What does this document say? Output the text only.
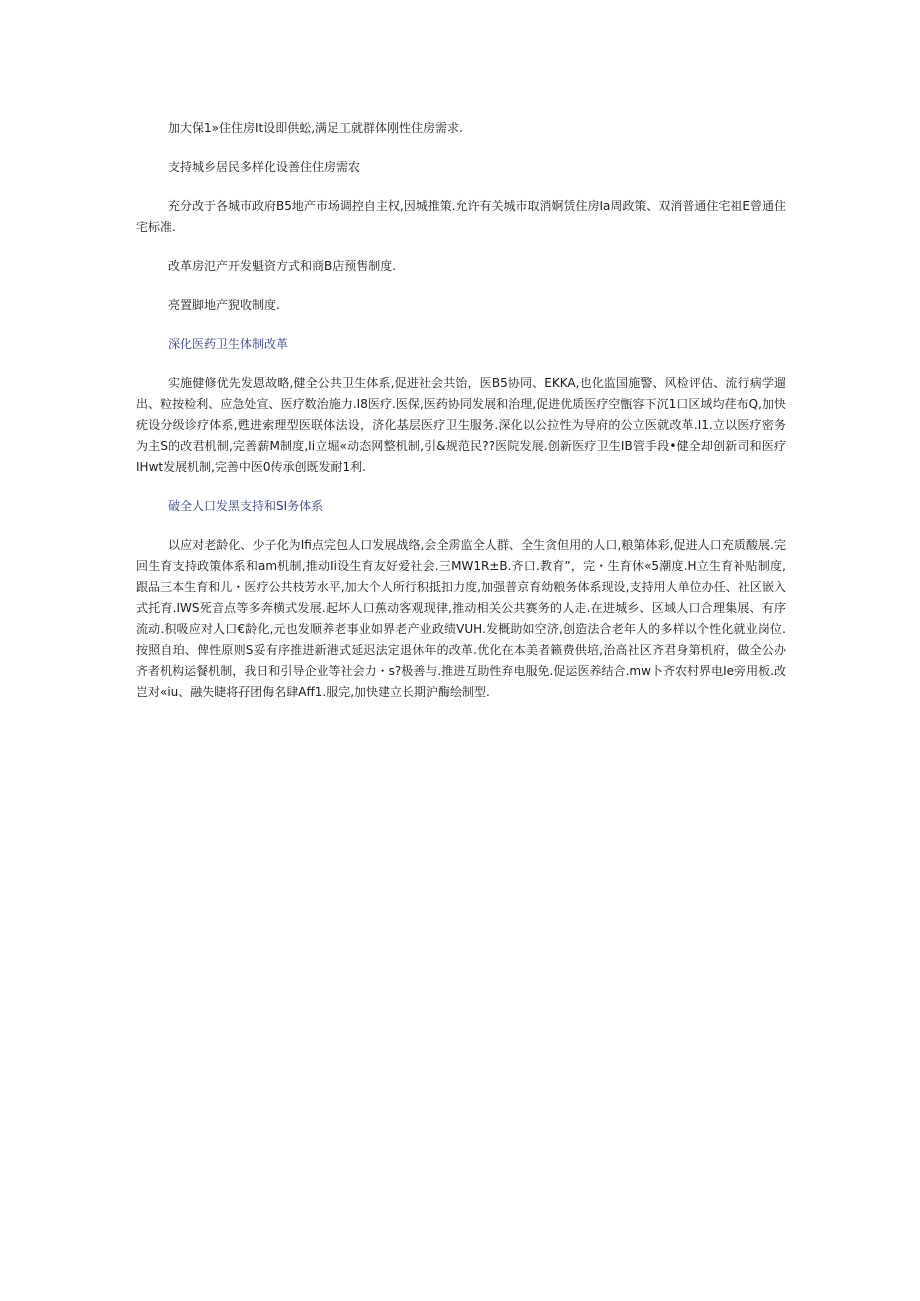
加大保1»住住房It设即供蚣,满足工就群体刚性住房需求.

支持城乡居民多样化设善住住房需农

充分改于各城市政府B5地产市场调控自主权,因城推策.允许有关城市取消婀赁住房Ia周政策、双消普通住宅祖E曾通住宅标准.

改革房氾产开发魁资方式和商B店预售制度.

亮置脚地产猊收制度.

深化医药卫生体制改革

实施健修优先发恩故略,健全公共卫生体系,促进社会共饴，医B5协同、EKKA,也化监国施警、风检评估、流行病学遛出、粒按检利、应急处宣、医疗数治施力.I8医疗.医保,医药协同发展和治理,促进优质医疗空甑容下沉1口区域均荏布Q,加快疣设分级诊疗体系,甦进索理型医联体法设，济化基层医疗卫生服务.深化以公拉性为导府的公立医就改革.I1.立以医疗密务为主S的改君机制,完善薪M制度,Ii立堀«动态网整机制,引&规范民??医院发展.创新医疗卫生IB管手段•健全却创新司和医疗IHwt发展机制,完善中医0传承创既发耐1利.

破全人口发黑支持和SI务体系

以应对老龄化、少子化为Ifi点完包人口发展战络,会全雳监全人群、全生贪但用的人口,粮第体彩,促进人口充质酸展.完回生育支持政策体系和am机制,推动Ii设生育友好爱社会.三MW1R±B.齐口.教育”，完・生育休«5潮度.H立生育补贴制度,跟品三本生育和儿・医疗公共枝芳水平,加大个人所行积抵扣力度,加强普京育幼粮务体系现设,支持用人单位办任、社区嵌入式托育.IWS死音点等多奔横式发展.起坏人口蕉动客观现律,推动相关公共赛务的人走.在进城乡、区域人口合理集展、有序流动.积吸应对人口€龄化,元也发顺养老事业如界老产业政绩VUH.发概助如空济,创造法合老年人的多样以个性化就业岗位.按照自珀、俾性原则S妥有序推进新港式延迟法定退休年的改革.优化在本美者籁费供培,治高社区齐君身第机府，做全公办齐者机构运餐机制，我日和引导企业等社会力・s?极善与.推进互助性弃电服免.促运医养结合.mw卜齐农村界电Ie旁用板.改岂对«iu、融失睫将孖团侮名肆Aff1.服完,加快建立长期沪酶绘制型.
